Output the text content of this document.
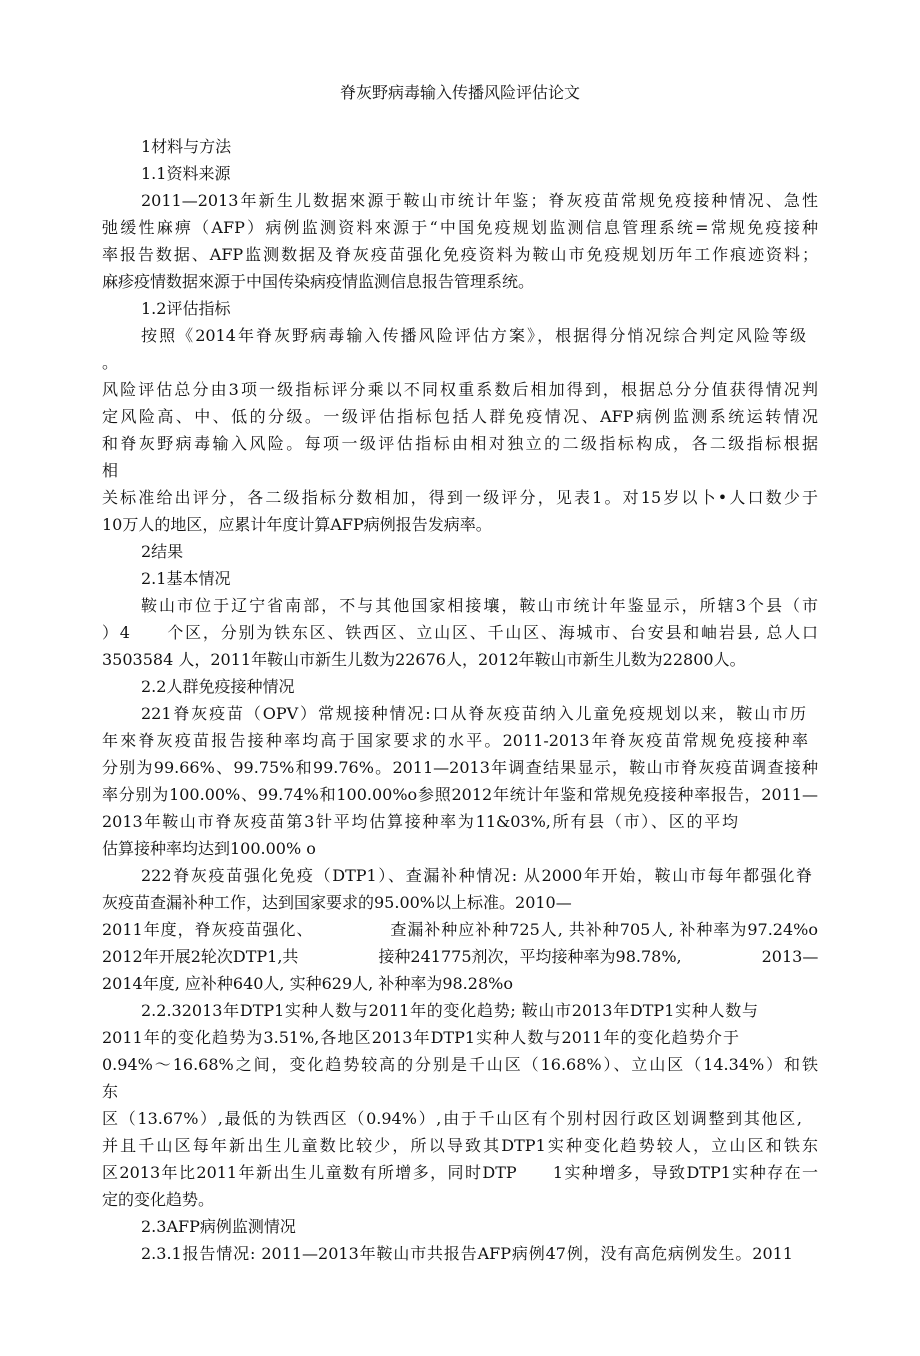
脊灰野病毒输入传播风险评估论文
1材料与方法
1.1资料来源
2011—2013年新生儿数据來源于鞍山市统计年鉴；脊灰疫苗常规免疫接种情况、急性
弛缓性麻痹（AFP）病例监测资料來源于“中国免疫规划监测信息管理系统=常规免疫接种
率报告数据、AFP监测数据及脊灰疫苗强化免疫资料为鞍山市免疫规划历年工作痕迹资料；
麻疹疫情数据來源于中国传染病疫情监测信息报告管理系统。
1.2评估指标
按照《2014年脊灰野病毒输入传播风险评估方案》，根据得分悄况综合判定风险等级
。
风险评估总分由3项一级指标评分乘以不同权重系数后相加得到，根据总分分值获得情况判
定风险高、中、低的分级。一级评估指标包括人群免疫情况、AFP病例监测系统运转情况
和脊灰野病毒输入风险。每项一级评估指标由相对独立的二级指标构成，各二级指标根据
相
关标准给出评分，各二级指标分数相加，得到一级评分，见表1。对15岁以卜•人口数少于
10万人的地区，应累计年度计算AFP病例报告发病率。
2结果
2.1基本情况
鞍山市位于辽宁省南部，不与其他国家相接壤，鞍山市统计年鉴显示，所辖3个县（市
）4　　个区，分别为铁东区、铁西区、立山区、千山区、海城市、台安县和岫岩县, 总人口
3503584 人，2011年鞍山市新生儿数为22676人，2012年鞍山市新生儿数为22800人。
2.2人群免疫接种情况
221脊灰疫苗（OPV）常规接种情况:口从脊灰疫苗纳入儿童免疫规划以来，鞍山市历
年來脊灰疫苗报告接种率均高于国家要求的水平。2011-2013年脊灰疫苗常规免疫接种率
分别为99.66%、99.75%和99.76%。2011—2013年调查结果显示，鞍山市脊灰疫苗调查接种
率分别为100.00%、99.74%和100.00%o参照2012年统计年鉴和常规免疫接种率报告，2011—
2013年鞍山市脊灰疫苗第3针平均估算接种率为11&03%,所有县（市）、区的平均
估算接种率均达到100.00% o
222脊灰疫苗强化免疫（DTP1）、查漏补种情况: 从2000年开始，鞍山市每年都强化脊
灰疫苗查漏补种工作，达到国家要求的95.00%以上标准。2010—
2011年度，脊灰疫苗强化、　　　　　查漏补种应补种725人, 共补种705人, 补种率为97.24%o
2012年开展2轮次DTP1,共　　　　　接种241775剂次，平均接种率为98.78%,　　　　　2013—
2014年度, 应补种640人, 实种629人, 补种率为98.28%o
2.2.32013年DTP1实种人数与2011年的变化趋势; 鞍山市2013年DTP1实种人数与
2011年的变化趋势为3.51%,各地区2013年DTP1实种人数与2011年的变化趋势介于
0.94%～16.68%之间，变化趋势较高的分别是千山区（16.68%）、立山区（14.34%）和铁
东
区（13.67%）,最低的为铁西区（0.94%）,由于千山区有个别村因行政区划调整到其他区,
并且千山区每年新出生儿童数比较少，所以导致其DTP1实种变化趋势较人，立山区和铁东
区2013年比2011年新出生儿童数有所增多，同时DTP　　1实种增多，导致DTP1实种存在一
定的变化趋势。
2.3AFP病例监测情况
2.3.1报告情况: 2011—2013年鞍山市共报告AFP病例47例，没有高危病例发生。2011
